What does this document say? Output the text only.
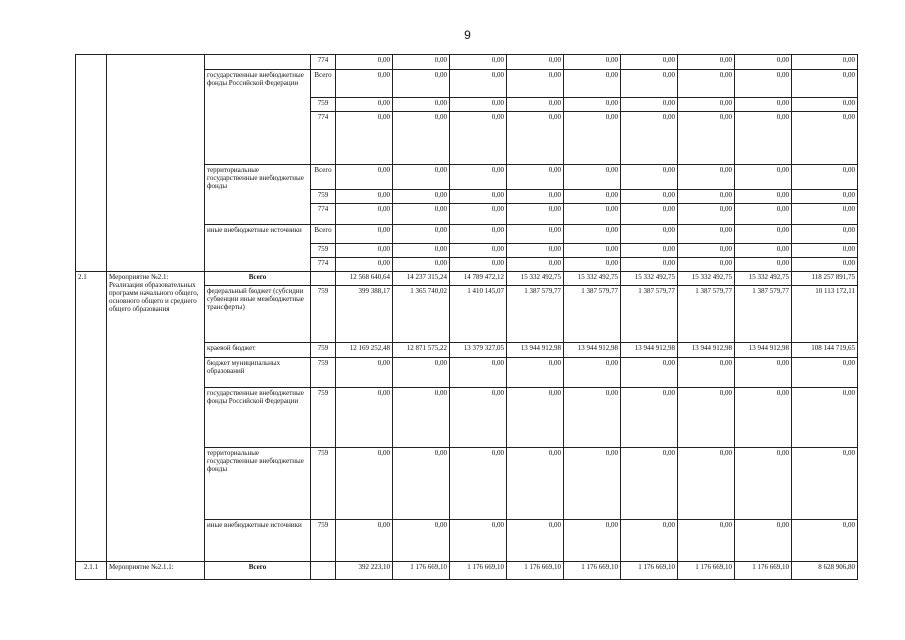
9
			774	0,00	0,00	0,00	0,00	0,00	0,00	0,00	0,00	0,00
		государственные внебюджетные фонды Российской Федерации	Всего	0,00	0,00	0,00	0,00	0,00	0,00	0,00	0,00	0,00
			759	0,00	0,00	0,00	0,00	0,00	0,00	0,00	0,00	0,00
			774	0,00	0,00	0,00	0,00	0,00	0,00	0,00	0,00	0,00
		территориальные государственные внебюджетные фонды	Всего	0,00	0,00	0,00	0,00	0,00	0,00	0,00	0,00	0,00
			759	0,00	0,00	0,00	0,00	0,00	0,00	0,00	0,00	0,00
			774	0,00	0,00	0,00	0,00	0,00	0,00	0,00	0,00	0,00
		иные внебюджетные источники	Всего	0,00	0,00	0,00	0,00	0,00	0,00	0,00	0,00	0,00
			759	0,00	0,00	0,00	0,00	0,00	0,00	0,00	0,00	0,00
			774	0,00	0,00	0,00	0,00	0,00	0,00	0,00	0,00	0,00
2.1	Мероприятие №2.1: Реализация образовательных программ начального общего, основного общего и среднего общего образования	Всего		12 568 640,64	14 237 315,24	14 789 472,12	15 332 492,75	15 332 492,75	15 332 492,75	15 332 492,75	15 332 492,75	118 257 891,75
		федеральный бюджет (субсидии субвенции иные межбюджетные трансферты)	759	399 388,17	1 365 740,02	1 410 145,07	1 387 579,77	1 387 579,77	1 387 579,77	1 387 579,77	1 387 579,77	10 113 172,11
		краевой бюджет	759	12 169 252,48	12 871 575,22	13 379 327,05	13 944 912,98	13 944 912,98	13 944 912,98	13 944 912,98	13 944 912,98	108 144 719,65
		бюджет муниципальных образований	759	0,00	0,00	0,00	0,00	0,00	0,00	0,00	0,00	0,00
		государственные внебюджетные фонды Российской Федерации	759	0,00	0,00	0,00	0,00	0,00	0,00	0,00	0,00	0,00
		территориальные государственные внебюджетные фонды	759	0,00	0,00	0,00	0,00	0,00	0,00	0,00	0,00	0,00
		иные внебюджетные источники	759	0,00	0,00	0,00	0,00	0,00	0,00	0,00	0,00	0,00
2.1.1	Мероприятие №2.1.1:	Всего		392 223,10	1 176 669,10	1 176 669,10	1 176 669,10	1 176 669,10	1 176 669,10	1 176 669,10	1 176 669,10	8 628 906,80
